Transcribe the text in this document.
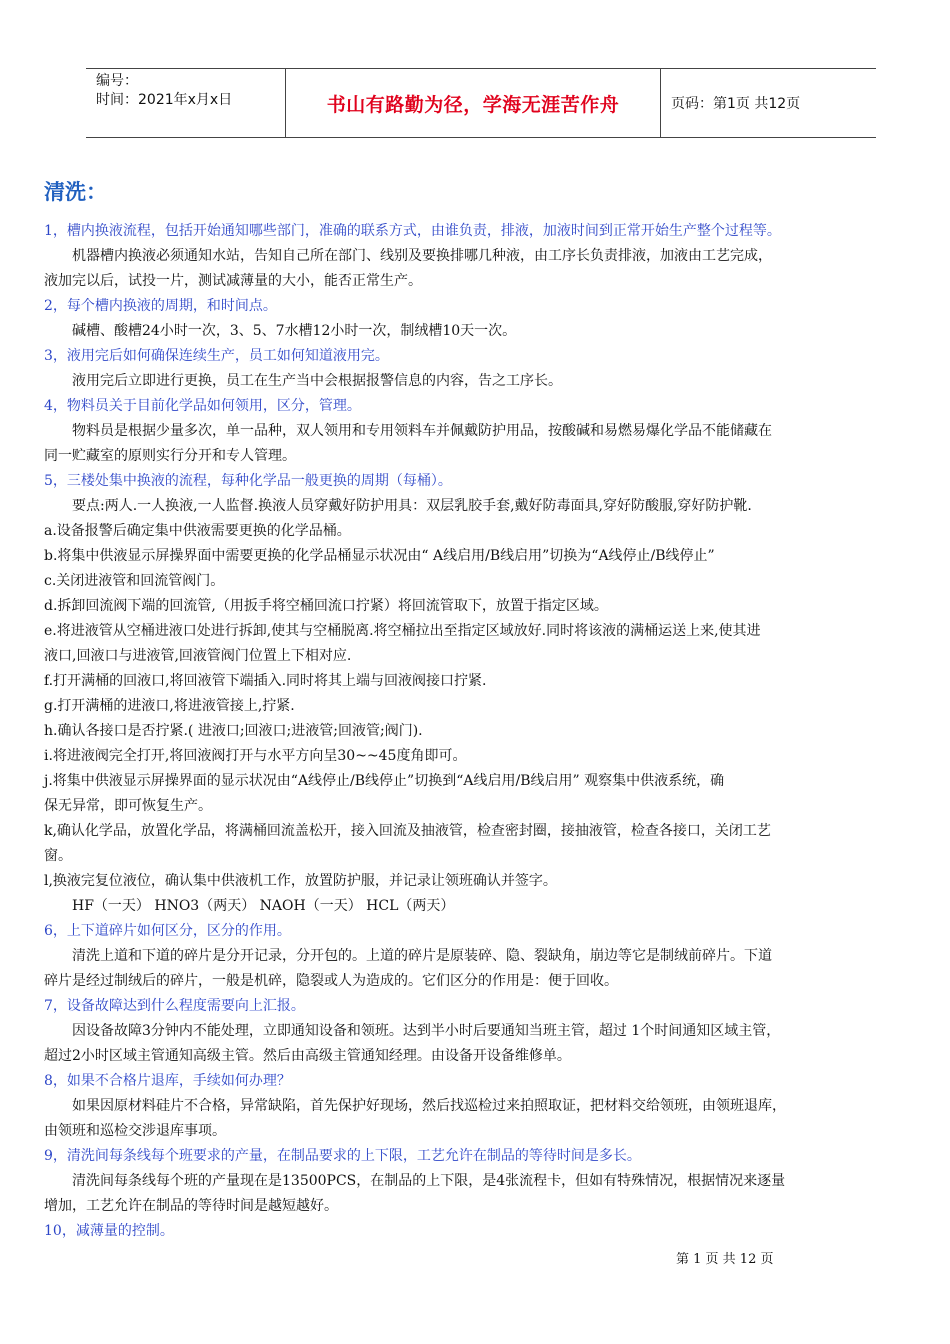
编号：
时间：2021年x月x日	书山有路勤为径，学海无涯苦作舟	页码：第1页 共12页
清洗：

1，槽内换液流程，包括开始通知哪些部门，准确的联系方式，由谁负责，排液，加液时间到正常开始生产整个过程等。

机器槽内换液必须通知水站，告知自己所在部门、线别及要换排哪几种液，由工序长负责排液，加液由工艺完成，

液加完以后，试投一片，测试减薄量的大小，能否正常生产。

2，每个槽内换液的周期，和时间点。

碱槽、酸槽24小时一次，3、5、7水槽12小时一次，制绒槽10天一次。

3，液用完后如何确保连续生产，员工如何知道液用完。

液用完后立即进行更换，员工在生产当中会根据报警信息的内容，告之工序长。

4，物料员关于目前化学品如何领用，区分，管理。

物料员是根据少量多次，单一品种，双人领用和专用领料车并佩戴防护用品，按酸碱和易燃易爆化学品不能储藏在

同一贮藏室的原则实行分开和专人管理。

5，三楼处集中换液的流程，每种化学品一般更换的周期（每桶）。

要点:两人.一人换液,一人监督.换液人员穿戴好防护用具：双层乳胶手套,戴好防毒面具,穿好防酸服,穿好防护靴.

a.设备报警后确定集中供液需要更换的化学品桶。

b.将集中供液显示屏操界面中需要更换的化学品桶显示状况由“ A线启用/B线启用”切换为“A线停止/B线停止”

c.关闭进液管和回流管阀门。

d.拆卸回流阀下端的回流管,（用扳手将空桶回流口拧紧）将回流管取下，放置于指定区域。

e.将进液管从空桶进液口处进行拆卸,使其与空桶脱离.将空桶拉出至指定区域放好.同时将该液的满桶运送上来,使其进

液口,回液口与进液管,回液管阀门位置上下相对应.

f.打开满桶的回液口,将回液管下端插入.同时将其上端与回液阀接口拧紧.

g.打开满桶的进液口,将进液管接上,拧紧.

h.确认各接口是否拧紧.( 进液口;回液口;进液管;回液管;阀门).

i.将进液阀完全打开,将回液阀打开与水平方向呈30~~45度角即可。

j.将集中供液显示屏操界面的显示状况由“A线停止/B线停止”切换到“A线启用/B线启用” 观察集中供液系统，确

保无异常，即可恢复生产。

k,确认化学品，放置化学品，将满桶回流盖松开，接入回流及抽液管，检查密封圈，接抽液管，检查各接口，关闭工艺

窗。

l,换液完复位液位，确认集中供液机工作，放置防护服，并记录让领班确认并签字。

HF（一天） HNO3（两天） NAOH（一天） HCL（两天）

6，上下道碎片如何区分，区分的作用。

清洗上道和下道的碎片是分开记录，分开包的。上道的碎片是原装碎、隐、裂缺角，崩边等它是制绒前碎片。下道

碎片是经过制绒后的碎片，一般是机碎，隐裂或人为造成的。它们区分的作用是：便于回收。

7，设备故障达到什么程度需要向上汇报。

因设备故障3分钟内不能处理，立即通知设备和领班。达到半小时后要通知当班主管，超过 1个时间通知区域主管，

超过2小时区域主管通知高级主管。然后由高级主管通知经理。由设备开设备维修单。

8，如果不合格片退库，手续如何办理？

如果因原材料硅片不合格，异常缺陷，首先保护好现场，然后找巡检过来拍照取证，把材料交给领班，由领班退库，

由领班和巡检交涉退库事项。

9，清洗间每条线每个班要求的产量，在制品要求的上下限，工艺允许在制品的等待时间是多长。

清洗间每条线每个班的产量现在是13500PCS，在制品的上下限，是4张流程卡，但如有特殊情况，根据情况来逐量

增加，工艺允许在制品的等待时间是越短越好。

10，减薄量的控制。

第 1 页 共 12 页
